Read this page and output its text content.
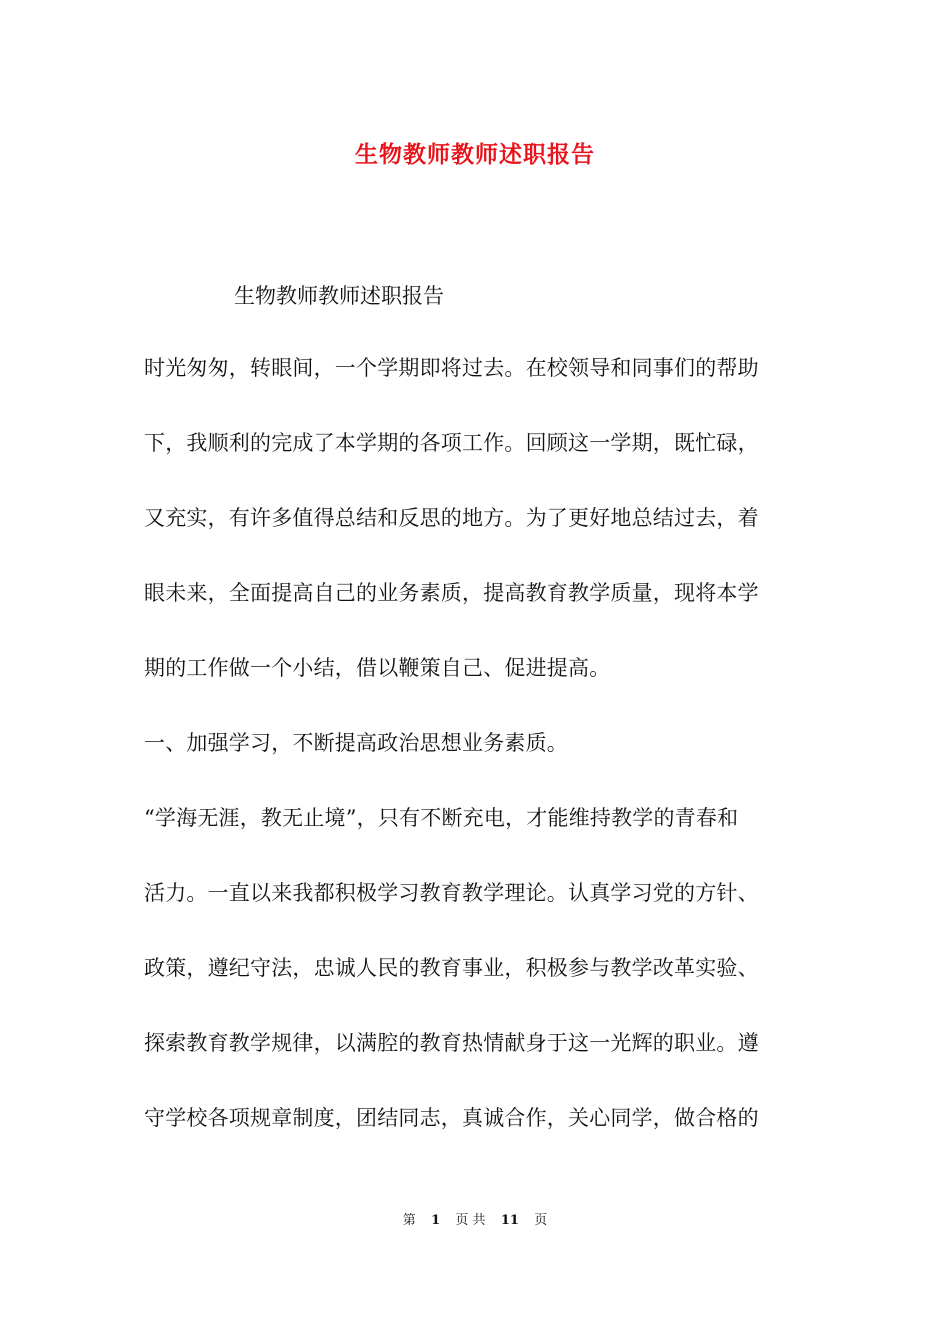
生物教师教师述职报告

生物教师教师述职报告

时光匆匆，转眼间，一个学期即将过去。在校领导和同事们的帮助
下，我顺利的完成了本学期的各项工作。回顾这一学期，既忙碌，
又充实，有许多值得总结和反思的地方。为了更好地总结过去，着
眼未来，全面提高自己的业务素质，提高教育教学质量，现将本学
期的工作做一个小结，借以鞭策自己、促进提高。
一、加强学习，不断提高政治思想业务素质。
“学海无涯，教无止境”，只有不断充电，才能维持教学的青春和
活力。一直以来我都积极学习教育教学理论。认真学习党的方针、
政策，遵纪守法，忠诚人民的教育事业，积极参与教学改革实验、
探索教育教学规律，以满腔的教育热情献身于这一光辉的职业。遵
守学校各项规章制度，团结同志，真诚合作，关心同学，做合格的
第 1 页 共 11 页
